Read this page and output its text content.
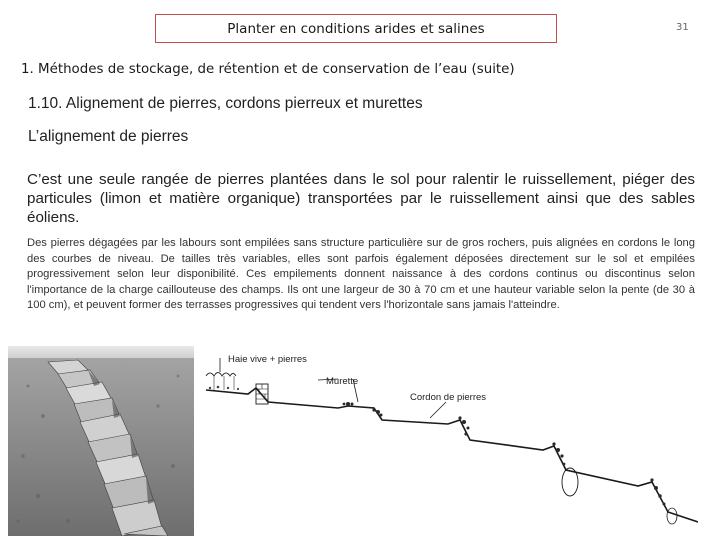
Planter en conditions arides et salines	31
1. Méthodes de stockage, de rétention et de conservation de l’eau (suite)
1.10. Alignement de pierres, cordons pierreux et murettes
L’alignement de pierres
C’est une seule rangée de pierres plantées dans le sol pour ralentir le ruissellement, piéger des particules (limon et matière organique) transportées par le ruissellement ainsi que des sables éoliens.
Des pierres dégagées par les labours sont empilées sans structure particulière sur de gros rochers, puis alignées en cordons le long des courbes de niveau. De tailles très variables, elles sont parfois également déposées directement sur le sol et empilées progressivement selon leur disponibilité. Ces empilements donnent naissance à des cordons continus ou discontinus selon l'importance de la charge caillouteuse des champs. Ils ont une largeur de 30 à 70 cm et une hauteur variable selon la pente (de 30 à 100 cm), et peuvent former des terrasses progressives qui tendent vers l'horizontale sans jamais l'atteindre.
Haie vive + pierres
Murette
Cordon de pierres
